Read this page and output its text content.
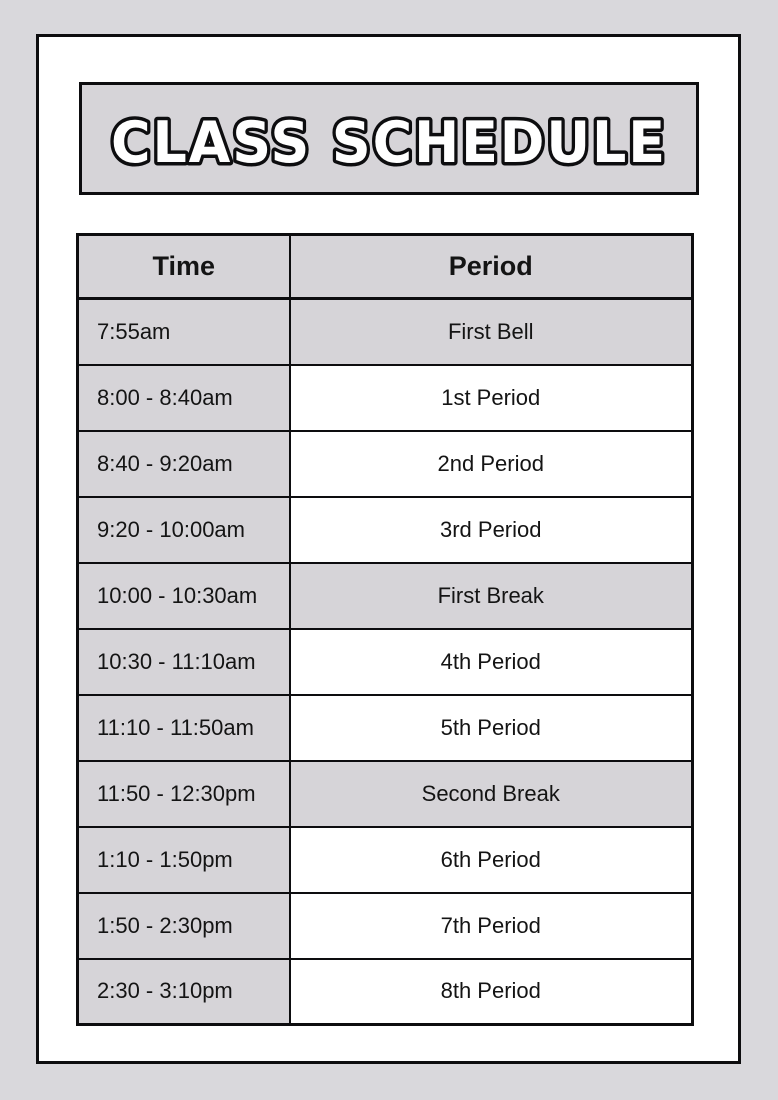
CLASS SCHEDULE
Time	Period
7:55am	First Bell
8:00 - 8:40am	1st Period
8:40 - 9:20am	2nd Period
9:20 - 10:00am	3rd Period
10:00 - 10:30am	First Break
10:30 - 11:10am	4th Period
11:10 - 11:50am	5th Period
11:50 - 12:30pm	Second Break
1:10 - 1:50pm	6th Period
1:50 - 2:30pm	7th Period
2:30 - 3:10pm	8th Period
